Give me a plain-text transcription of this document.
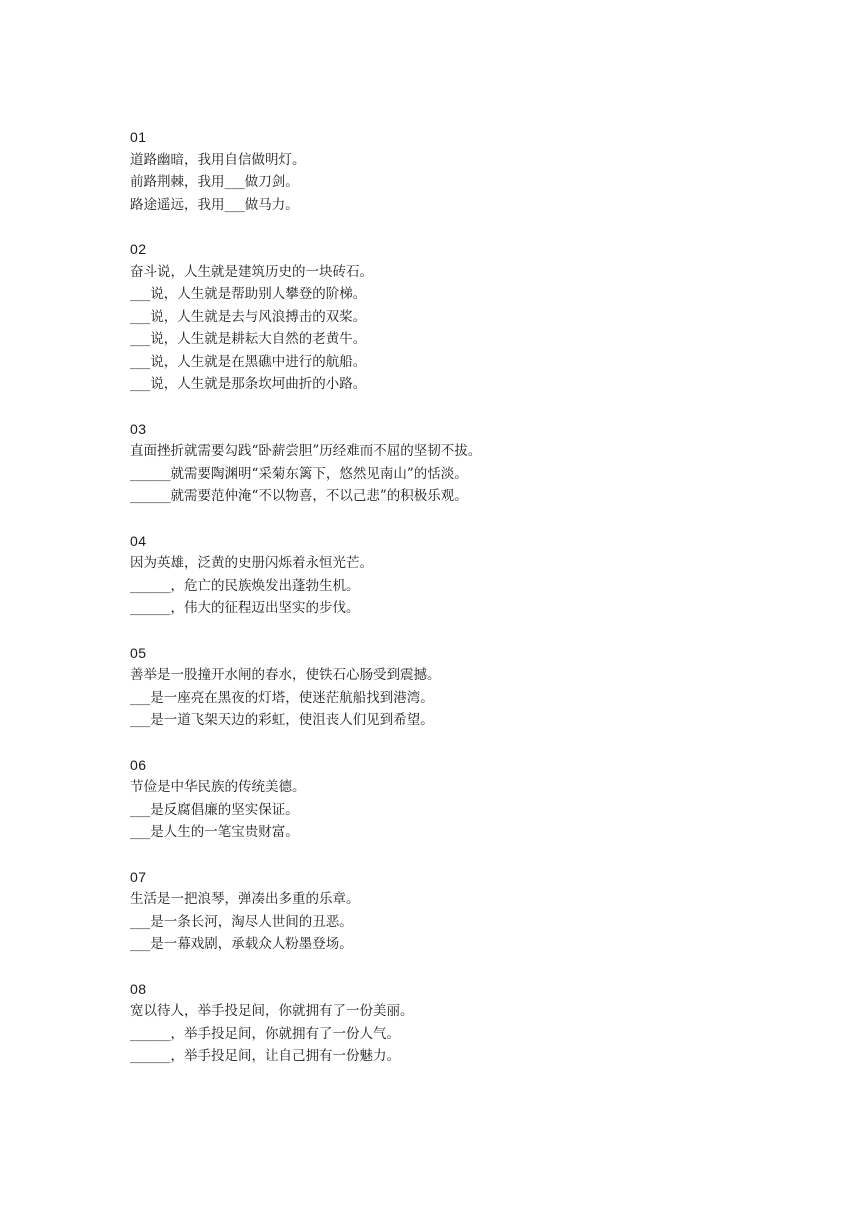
01
道路幽暗，我用自信做明灯。
前路荆棘，我用___做刀剑。
路途遥远，我用___做马力。
02
奋斗说，人生就是建筑历史的一块砖石。
___说，人生就是帮助别人攀登的阶梯。
___说，人生就是去与风浪搏击的双桨。
___说，人生就是耕耘大自然的老黄牛。
___说，人生就是在黑礁中进行的航船。
___说，人生就是那条坎坷曲折的小路。
03
直面挫折就需要勾践“卧薪尝胆”历经难而不屈的坚韧不拔。
______就需要陶渊明“采菊东篱下，悠然见南山”的恬淡。
______就需要范仲淹“不以物喜，不以己悲”的积极乐观。
04
因为英雄，泛黄的史册闪烁着永恒光芒。
______，危亡的民族焕发出蓬勃生机。
______，伟大的征程迈出坚实的步伐。
05
善举是一股撞开水闸的春水，使铁石心肠受到震撼。
___是一座亮在黑夜的灯塔，使迷茫航船找到港湾。
___是一道飞架天边的彩虹，使沮丧人们见到希望。
06
节俭是中华民族的传统美德。
___是反腐倡廉的坚实保证。
___是人生的一笔宝贵财富。
07
生活是一把浪琴，弹凑出多重的乐章。
___是一条长河，淘尽人世间的丑恶。
___是一幕戏剧，承载众人粉墨登场。
08
宽以待人，举手投足间，你就拥有了一份美丽。
______，举手投足间，你就拥有了一份人气。
______，举手投足间，让自己拥有一份魅力。
